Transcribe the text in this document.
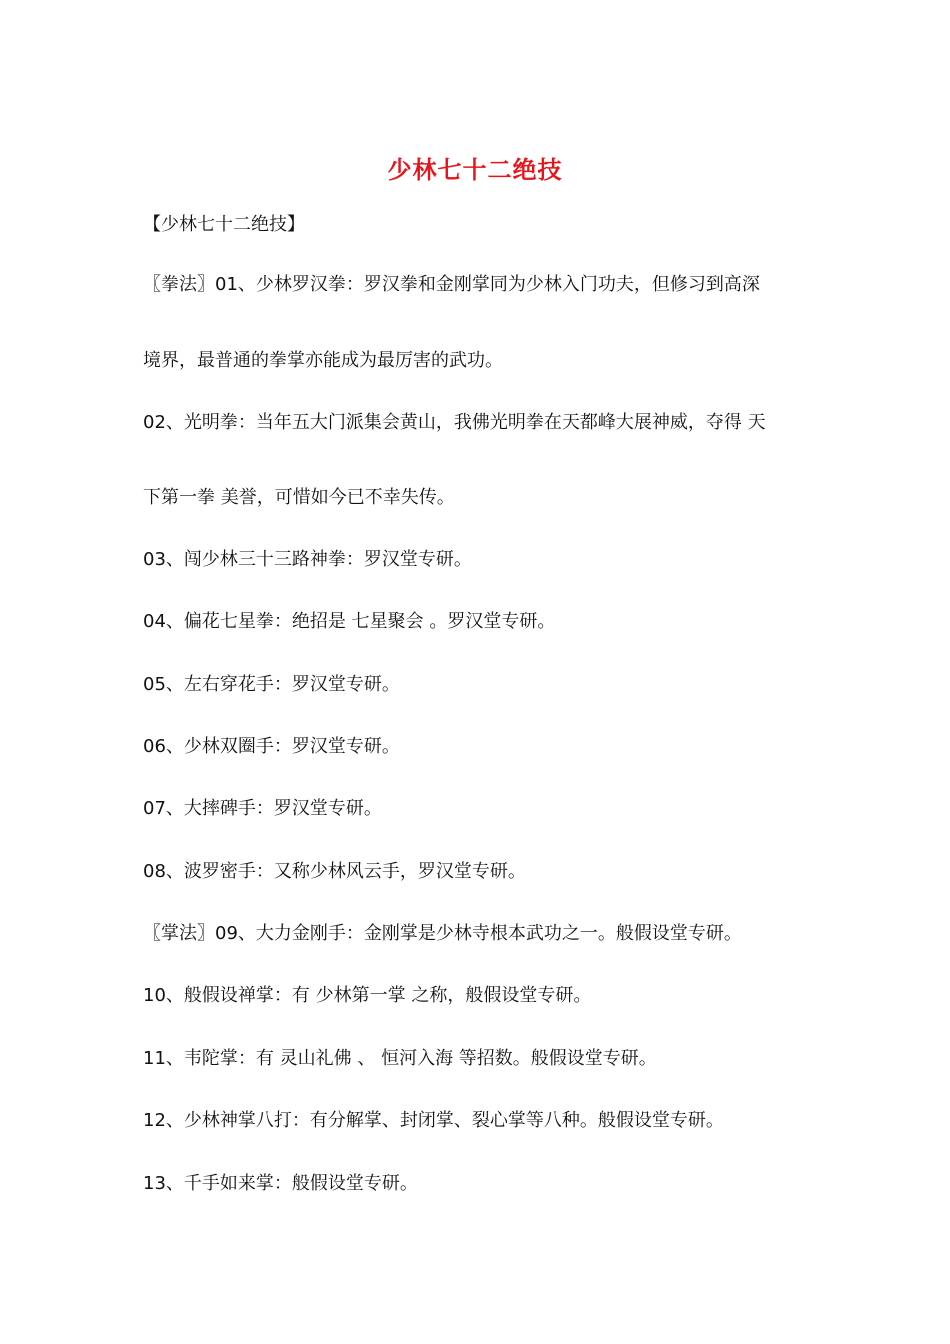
少林七十二绝技
【少林七十二绝技】
〖拳法〗01、少林罗汉拳：罗汉拳和金刚掌同为少林入门功夫，但修习到高深
境界，最普通的拳掌亦能成为最厉害的武功。
02、光明拳：当年五大门派集会黄山，我佛光明拳在天都峰大展神威，夺得 天
下第一拳 美誉，可惜如今已不幸失传。
03、闯少林三十三路神拳：罗汉堂专研。
04、偏花七星拳：绝招是 七星聚会 。罗汉堂专研。
05、左右穿花手：罗汉堂专研。
06、少林双圈手：罗汉堂专研。
07、大摔碑手：罗汉堂专研。
08、波罗密手：又称少林风云手，罗汉堂专研。
〖掌法〗09、大力金刚手：金刚掌是少林寺根本武功之一。般假设堂专研。
10、般假设禅掌：有 少林第一掌 之称，般假设堂专研。
11、韦陀掌：有 灵山礼佛 、 恒河入海 等招数。般假设堂专研。
12、少林神掌八打：有分解掌、封闭掌、裂心掌等八种。般假设堂专研。
13、千手如来掌：般假设堂专研。
